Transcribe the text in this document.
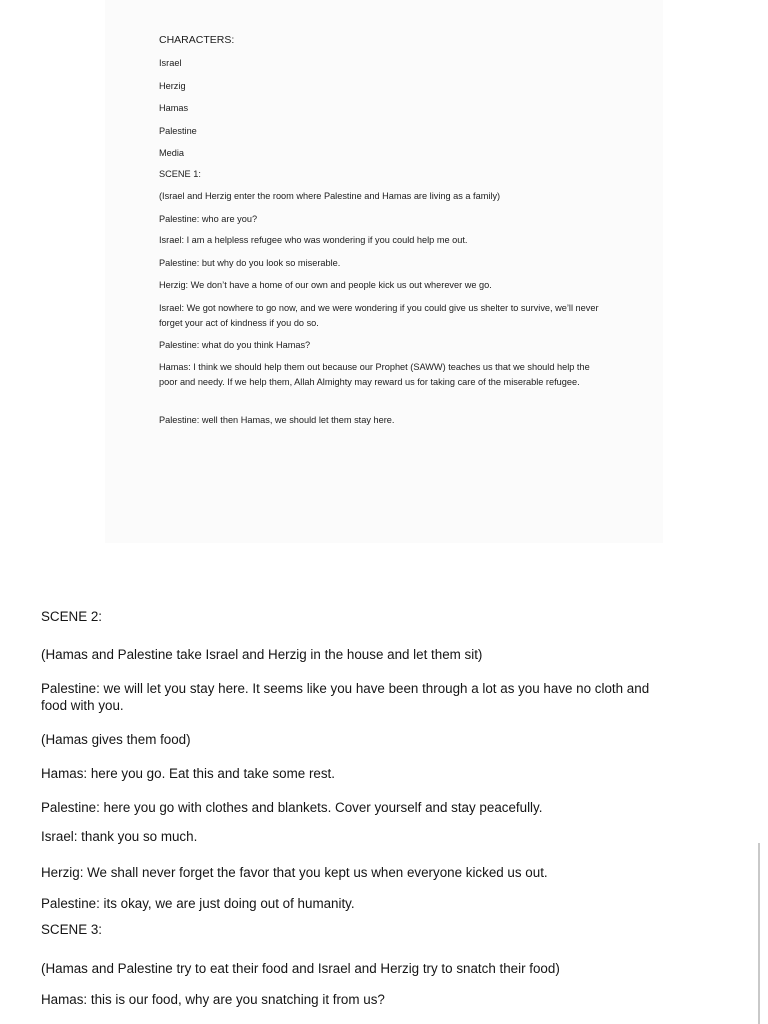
CHARACTERS:

Israel

Herzig

Hamas

Palestine

Media

SCENE 1:

(Israel and Herzig enter the room where Palestine and Hamas are living as a family)

Palestine: who are you?

Israel: I am a helpless refugee who was wondering if you could help me out.

Palestine: but why do you look so miserable.

Herzig: We don’t have a home of our own and people kick us out wherever we go.

Israel: We got nowhere to go now, and we were wondering if you could give us shelter to survive, we’ll never forget your act of kindness if you do so.

Palestine: what do you think Hamas?

Hamas: I think we should help them out because our Prophet (SAWW) teaches us that we should help the poor and needy. If we help them, Allah Almighty may reward us for taking care of the miserable refugee.

Palestine: well then Hamas, we should let them stay here.

SCENE 2:

(Hamas and Palestine take Israel and Herzig in the house and let them sit)

Palestine: we will let you stay here. It seems like you have been through a lot as you have no cloth and food with you.

(Hamas gives them food)

Hamas: here you go. Eat this and take some rest.

Palestine: here you go with clothes and blankets. Cover yourself and stay peacefully.

Israel: thank you so much.

Herzig: We shall never forget the favor that you kept us when everyone kicked us out.

Palestine: its okay, we are just doing out of humanity.

SCENE 3:

(Hamas and Palestine try to eat their food and Israel and Herzig try to snatch their food)

Hamas: this is our food, why are you snatching it from us?
